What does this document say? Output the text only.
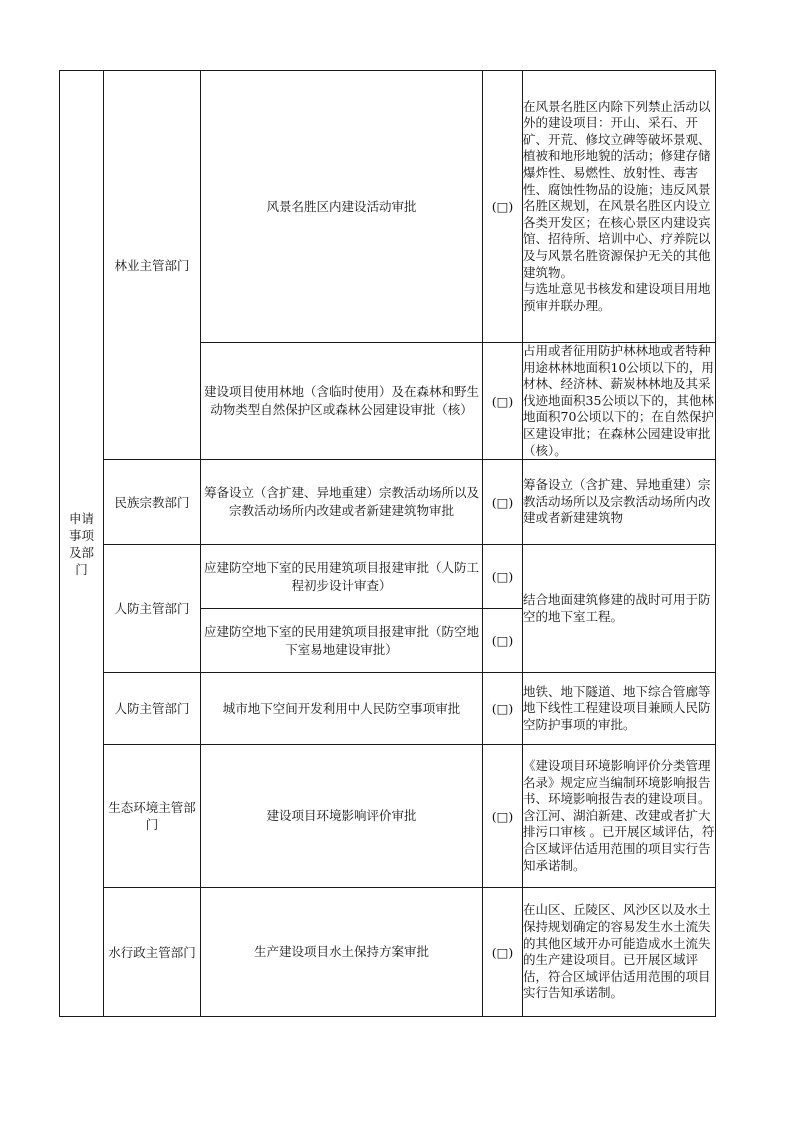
申请事项及部门	林业主管部门	风景名胜区内建设活动审批	(□)	在风景名胜区内除下列禁止活动以外的建设项目：开山、采石、开矿、开荒、修坟立碑等破坏景观、植被和地形地貌的活动；修建存储爆炸性、易燃性、放射性、毒害性、腐蚀性物品的设施；违反风景名胜区规划，在风景名胜区内设立各类开发区；在核心景区内建设宾馆、招待所、培训中心、疗养院以及与风景名胜资源保护无关的其他建筑物。
与选址意见书核发和建设项目用地预审并联办理。
		建设项目使用林地（含临时使用）及在森林和野生动物类型自然保护区或森林公园建设审批（核）	(□)	占用或者征用防护林林地或者特种用途林林地面积10公顷以下的，用材林、经济林、薪炭林林地及其采伐迹地面积35公顷以下的，其他林地面积70公顷以下的；在自然保护区建设审批；在森林公园建设审批（核）。
	民族宗教部门	筹备设立（含扩建、异地重建）宗教活动场所以及宗教活动场所内改建或者新建建筑物审批	(□)	筹备设立（含扩建、异地重建）宗教活动场所以及宗教活动场所内改建或者新建建筑物
	人防主管部门	应建防空地下室的民用建筑项目报建审批（人防工程初步设计审查）	(□)	结合地面建筑修建的战时可用于防空的地下室工程。
		应建防空地下室的民用建筑项目报建审批（防空地下室易地建设审批）	(□)	
	人防主管部门	城市地下空间开发利用中人民防空事项审批	(□)	地铁、地下隧道、地下综合管廊等地下线性工程建设项目兼顾人民防空防护事项的审批。
	生态环境主管部门	建设项目环境影响评价审批	(□)	《建设项目环境影响评价分类管理名录》规定应当编制环境影响报告书、环境影响报告表的建设项目。含江河、湖泊新建、改建或者扩大排污口审核 。已开展区域评估，符合区域评估适用范围的项目实行告知承诺制。
	水行政主管部门	生产建设项目水土保持方案审批	(□)	在山区、丘陵区、风沙区以及水土保持规划确定的容易发生水土流失的其他区域开办可能造成水土流失的生产建设项目。已开展区域评估，符合区域评估适用范围的项目实行告知承诺制。
